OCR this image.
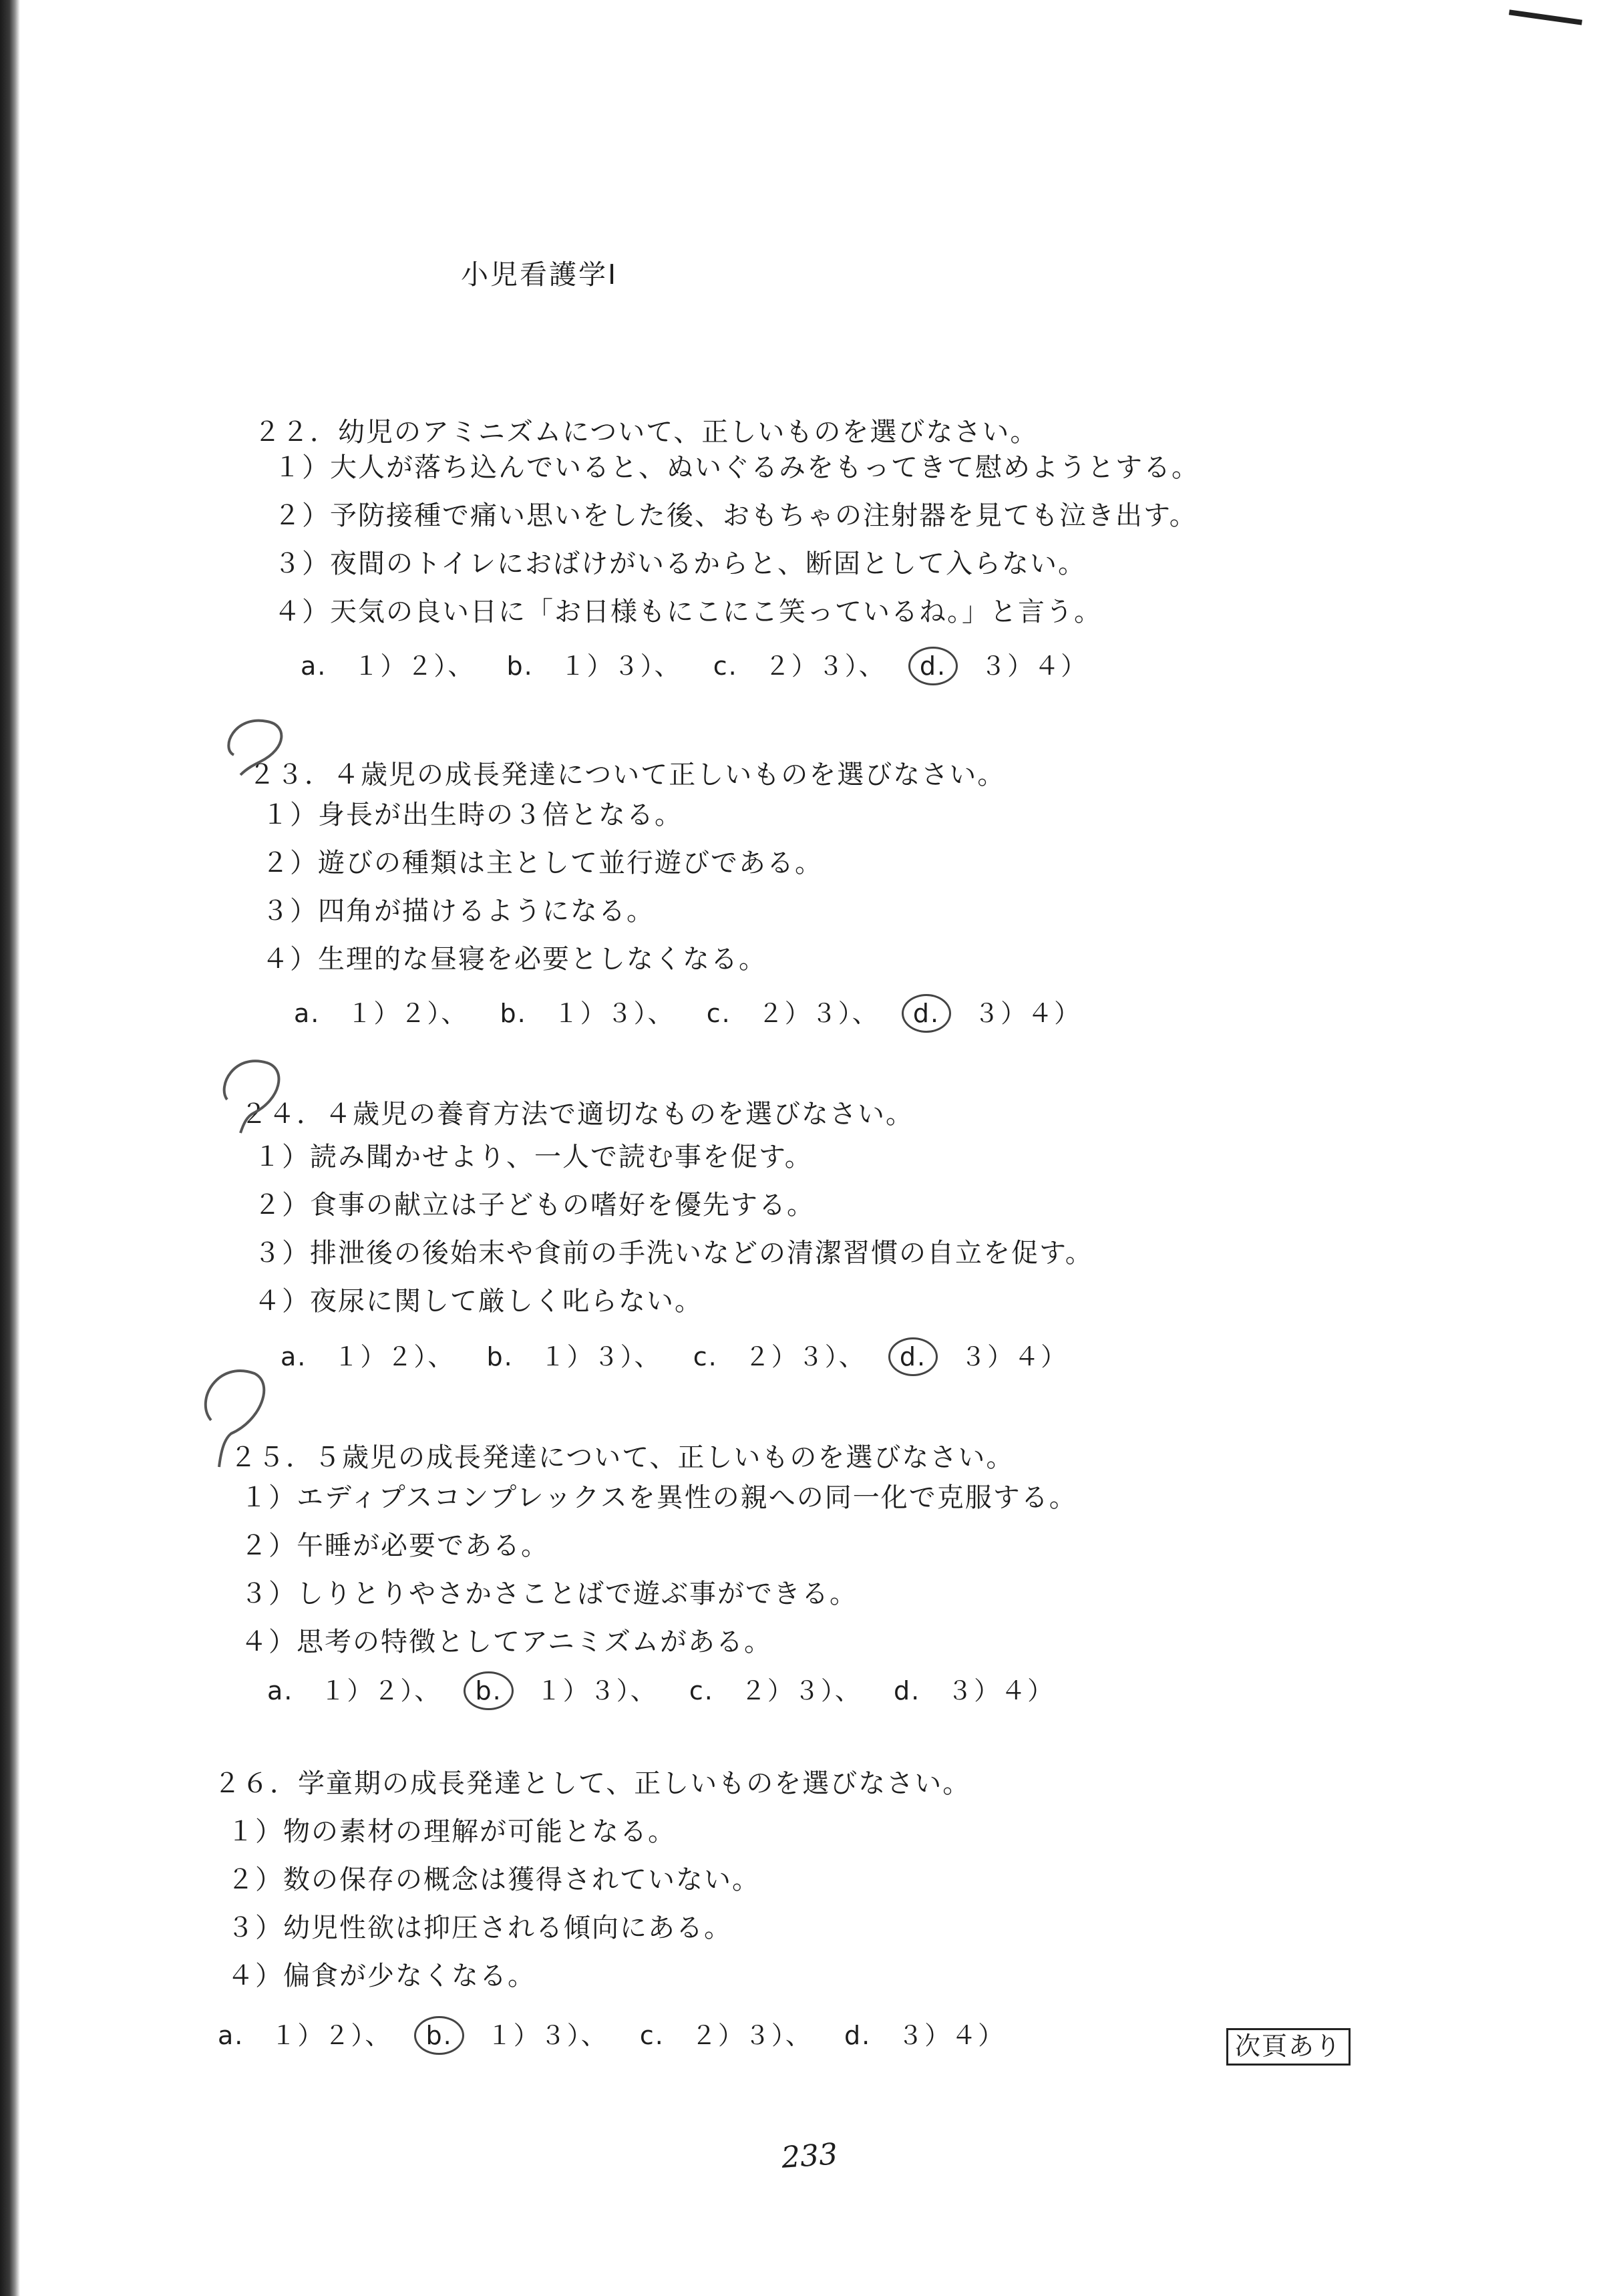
小児看護学Ⅰ
２２．幼児のアミニズムについて、正しいものを選びなさい。
１）大人が落ち込んでいると、ぬいぐるみをもってきて慰めようとする。
２）予防接種で痛い思いをした後、おもちゃの注射器を見ても泣き出す。
３）夜間のトイレにおばけがいるからと、断固として入らない。
４）天気の良い日に「お日様もにこにこ笑っているね。」と言う。
a.　１）２）、 b.　１）３）、 c.　２）３）、 d. ３）４）
２３．４歳児の成長発達について正しいものを選びなさい。
１）身長が出生時の３倍となる。
２）遊びの種類は主として並行遊びである。
３）四角が描けるようになる。
４）生理的な昼寝を必要としなくなる。
a.　１）２）、 b.　１）３）、 c.　２）３）、 d. ３）４）
２４．４歳児の養育方法で適切なものを選びなさい。
１）読み聞かせより、一人で読む事を促す。
２）食事の献立は子どもの嗜好を優先する。
３）排泄後の後始末や食前の手洗いなどの清潔習慣の自立を促す。
４）夜尿に関して厳しく叱らない。
a.　１）２）、 b.　１）３）、 c.　２）３）、 d. ３）４）
２５．５歳児の成長発達について、正しいものを選びなさい。
１）エディプスコンプレックスを異性の親への同一化で克服する。
２）午睡が必要である。
３）しりとりやさかさことばで遊ぶ事ができる。
４）思考の特徴としてアニミズムがある。
a.　１）２）、 b. １）３）、 c.　２）３）、 d.　３）４）
２６．学童期の成長発達として、正しいものを選びなさい。
１）物の素材の理解が可能となる。
２）数の保存の概念は獲得されていない。
３）幼児性欲は抑圧される傾向にある。
４）偏食が少なくなる。
a.　１）２）、 b. １）３）、 c.　２）３）、 d.　３）４）	次頁あり
233
